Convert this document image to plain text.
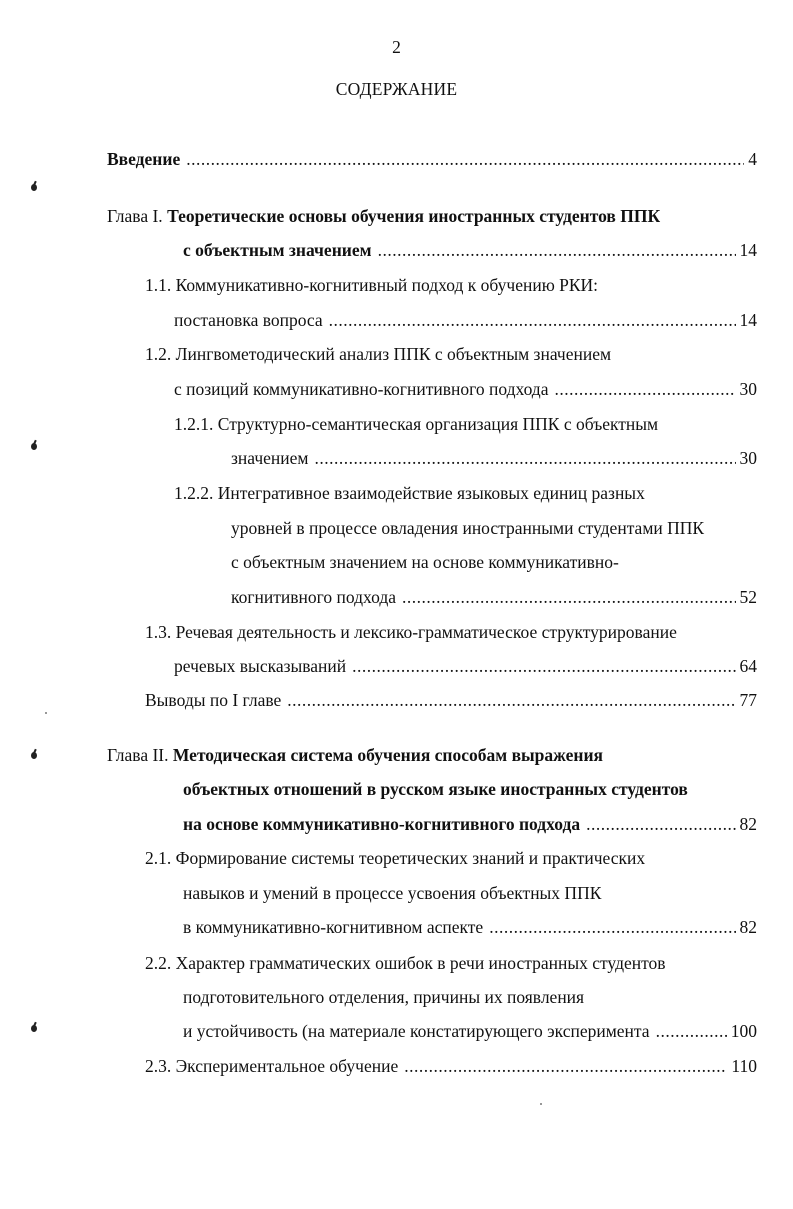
2
СОДЕРЖАНИЕ
Введение .....	4
Глава I.
Теоретические основы обучения иностранных студентов ППК
с объектным значением .....	14
1.1. Коммуникативно-когнитивный подход к обучению РКИ:
постановка вопроса .....	14
1.2. Лингвометодический анализ ППК с объектным значением
с позиций коммуникативно-когнитивного подхода .....	30
1.2.1. Структурно-семантическая организация ППК с объектным
значением .....	30
1.2.2. Интегративное взаимодействие языковых единиц разных
уровней в процессе овладения иностранными студентами ППК
с объектным значением на основе коммуникативно-
когнитивного подхода .....	52
1.3. Речевая деятельность и лексико-грамматическое структурирование
речевых высказываний .....	64
Выводы по I главе .....	77
Глава II.
Методическая система обучения способам выражения
объектных отношений в русском языке иностранных студентов
на основе коммуникативно-когнитивного подхода .....	82
2.1. Формирование системы теоретических знаний и практических
навыков и умений в процессе усвоения объектных ППК
в коммуникативно-когнитивном аспекте .....	82
2.2. Характер грамматических ошибок в речи иностранных студентов
подготовительного отделения, причины их появления
и устойчивость (на материале констатирующего эксперимента .....	100
2.3. Экспериментальное обучение .....	110
